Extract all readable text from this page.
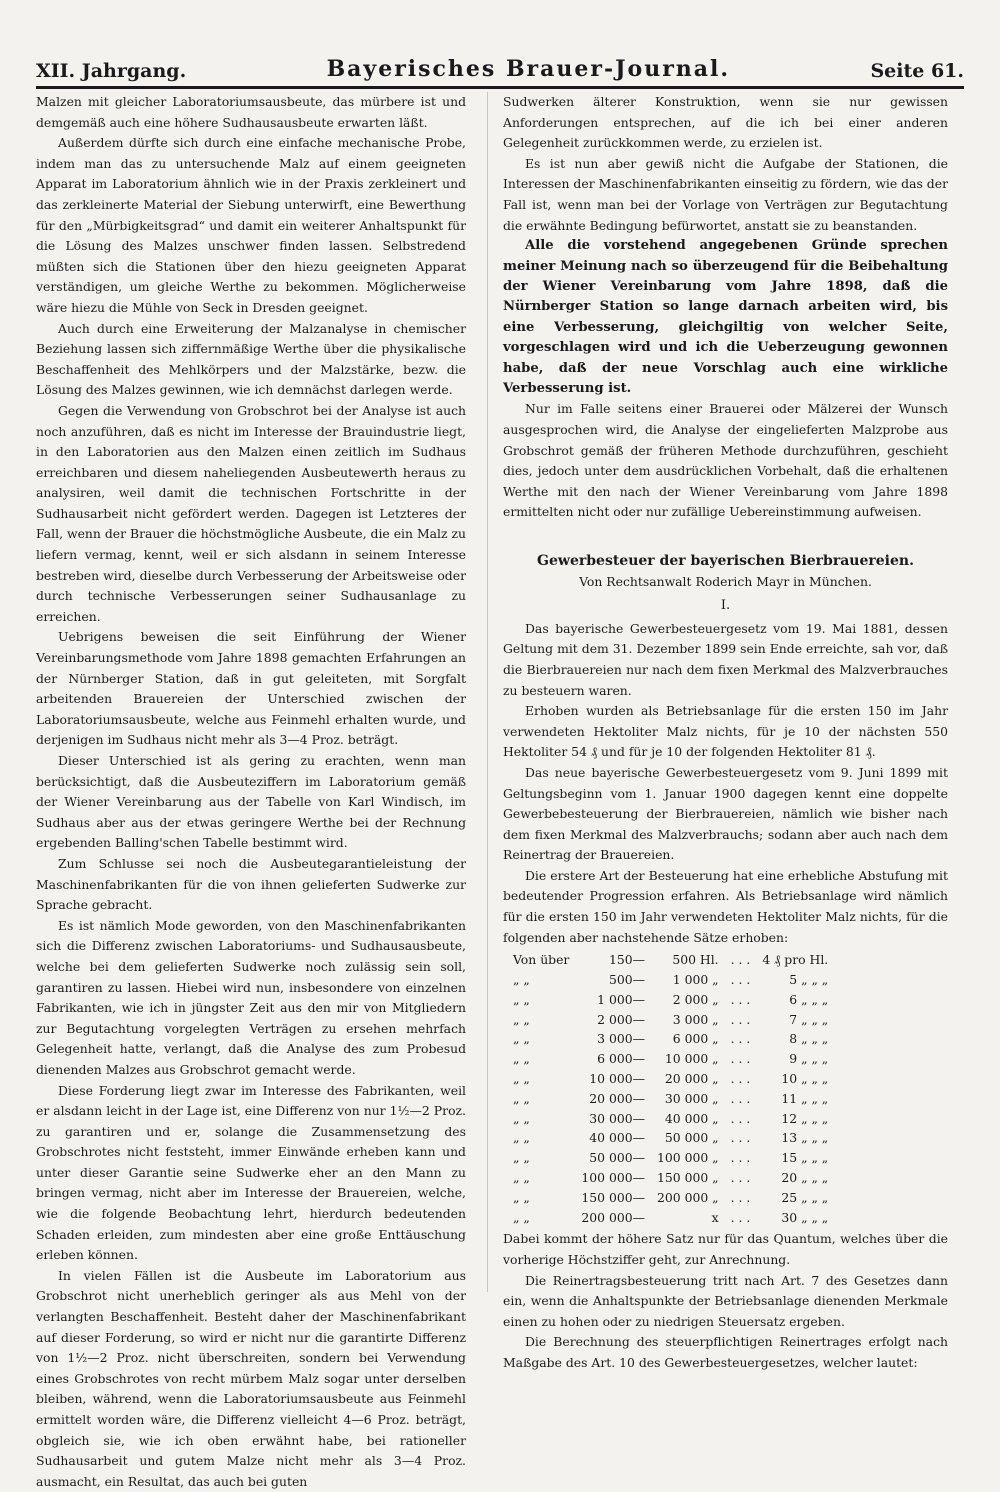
XII. Jahrgang.	Bayerisches Brauer-Journal.	Seite 61.

Malzen mit gleicher Laboratoriumsausbeute, das mürbere ist und demgemäß auch eine höhere Sudhausausbeute erwarten läßt.

Außerdem dürfte sich durch eine einfache mechanische Probe, indem man das zu untersuchende Malz auf einem geeigneten Apparat im Laboratorium ähnlich wie in der Praxis zerkleinert und das zerkleinerte Material der Siebung unterwirft, eine Bewerthung für den „Mürbigkeitsgrad“ und damit ein weiterer Anhaltspunkt für die Lösung des Malzes unschwer finden lassen. Selbstredend müßten sich die Stationen über den hiezu geeigneten Apparat verständigen, um gleiche Werthe zu bekommen. Möglicherweise wäre hiezu die Mühle von Seck in Dresden geeignet.

Auch durch eine Erweiterung der Malzanalyse in chemischer Beziehung lassen sich ziffernmäßige Werthe über die physikalische Beschaffenheit des Mehlkörpers und der Malzstärke, bezw. die Lösung des Malzes gewinnen, wie ich demnächst darlegen werde.

Gegen die Verwendung von Grobschrot bei der Analyse ist auch noch anzuführen, daß es nicht im Interesse der Brauindustrie liegt, in den Laboratorien aus den Malzen einen zeitlich im Sudhaus erreichbaren und diesem naheliegenden Ausbeutewerth heraus zu analysiren, weil damit die technischen Fortschritte in der Sudhausarbeit nicht gefördert werden. Dagegen ist Letzteres der Fall, wenn der Brauer die höchstmögliche Ausbeute, die ein Malz zu liefern vermag, kennt, weil er sich alsdann in seinem Interesse bestreben wird, dieselbe durch Verbesserung der Arbeitsweise oder durch technische Verbesserungen seiner Sudhausanlage zu erreichen.

Uebrigens beweisen die seit Einführung der Wiener Vereinbarungsmethode vom Jahre 1898 gemachten Erfahrungen an der Nürnberger Station, daß in gut geleiteten, mit Sorgfalt arbeitenden Brauereien der Unterschied zwischen der Laboratoriumsausbeute, welche aus Feinmehl erhalten wurde, und derjenigen im Sudhaus nicht mehr als 3—4 Proz. beträgt.

Dieser Unterschied ist als gering zu erachten, wenn man berücksichtigt, daß die Ausbeuteziffern im Laboratorium gemäß der Wiener Vereinbarung aus der Tabelle von Karl Windisch, im Sudhaus aber aus der etwas geringere Werthe bei der Rechnung ergebenden Balling'schen Tabelle bestimmt wird.

Zum Schlusse sei noch die Ausbeutegarantieleistung der Maschinenfabrikanten für die von ihnen gelieferten Sudwerke zur Sprache gebracht.

Es ist nämlich Mode geworden, von den Maschinenfabrikanten sich die Differenz zwischen Laboratoriums- und Sudhausausbeute, welche bei dem gelieferten Sudwerke noch zulässig sein soll, garantiren zu lassen. Hiebei wird nun, insbesondere von einzelnen Fabrikanten, wie ich in jüngster Zeit aus den mir von Mitgliedern zur Begutachtung vorgelegten Verträgen zu ersehen mehrfach Gelegenheit hatte, verlangt, daß die Analyse des zum Probesud dienenden Malzes aus Grobschrot gemacht werde.

Diese Forderung liegt zwar im Interesse des Fabrikanten, weil er alsdann leicht in der Lage ist, eine Differenz von nur 1½—2 Proz. zu garantiren und er, solange die Zusammensetzung des Grobschrotes nicht feststeht, immer Einwände erheben kann und unter dieser Garantie seine Sudwerke eher an den Mann zu bringen vermag, nicht aber im Interesse der Brauereien, welche, wie die folgende Beobachtung lehrt, hierdurch bedeutenden Schaden erleiden, zum mindesten aber eine große Enttäuschung erleben können.

In vielen Fällen ist die Ausbeute im Laboratorium aus Grobschrot nicht unerheblich geringer als aus Mehl von der verlangten Beschaffenheit. Besteht daher der Maschinenfabrikant auf dieser Forderung, so wird er nicht nur die garantirte Differenz von 1½—2 Proz. nicht überschreiten, sondern bei Verwendung eines Grobschrotes von recht mürbem Malz sogar unter derselben bleiben, während, wenn die Laboratoriumsausbeute aus Feinmehl ermittelt worden wäre, die Differenz vielleicht 4—6 Proz. beträgt, obgleich sie, wie ich oben erwähnt habe, bei rationeller Sudhausarbeit und gutem Malze nicht mehr als 3—4 Proz. ausmacht, ein Resultat, das auch bei guten

Sudwerken älterer Konstruktion, wenn sie nur gewissen Anforderungen entsprechen, auf die ich bei einer anderen Gelegenheit zurückkommen werde, zu erzielen ist.

Es ist nun aber gewiß nicht die Aufgabe der Stationen, die Interessen der Maschinenfabrikanten einseitig zu fördern, wie das der Fall ist, wenn man bei der Vorlage von Verträgen zur Begutachtung die erwähnte Bedingung befürwortet, anstatt sie zu beanstanden.

Alle die vorstehend angegebenen Gründe sprechen meiner Meinung nach so überzeugend für die Beibehaltung der Wiener Vereinbarung vom Jahre 1898, daß die Nürnberger Station so lange darnach arbeiten wird, bis eine Verbesserung, gleichgiltig von welcher Seite, vorgeschlagen wird und ich die Ueberzeugung gewonnen habe, daß der neue Vorschlag auch eine wirkliche Verbesserung ist.

Nur im Falle seitens einer Brauerei oder Mälzerei der Wunsch ausgesprochen wird, die Analyse der eingelieferten Malzprobe aus Grobschrot gemäß der früheren Methode durchzuführen, geschieht dies, jedoch unter dem ausdrücklichen Vorbehalt, daß die erhaltenen Werthe mit den nach der Wiener Vereinbarung vom Jahre 1898 ermittelten nicht oder nur zufällige Uebereinstimmung aufweisen.

Gewerbesteuer der bayerischen Bierbrauereien.
Von Rechtsanwalt Roderich Mayr in München.
I.

Das bayerische Gewerbesteuergesetz vom 19. Mai 1881, dessen Geltung mit dem 31. Dezember 1899 sein Ende erreichte, sah vor, daß die Bierbrauereien nur nach dem fixen Merkmal des Malzverbrauches zu besteuern waren.

Erhoben wurden als Betriebsanlage für die ersten 150 im Jahr verwendeten Hektoliter Malz nichts, für je 10 der nächsten 550 Hektoliter 54 ₰ und für je 10 der folgenden Hektoliter 81 ₰.

Das neue bayerische Gewerbesteuergesetz vom 9. Juni 1899 mit Geltungsbeginn vom 1. Januar 1900 dagegen kennt eine doppelte Gewerbebesteuerung der Bierbrauereien, nämlich wie bisher nach dem fixen Merkmal des Malzverbrauchs; sodann aber auch nach dem Reinertrag der Brauereien.

Die erstere Art der Besteuerung hat eine erhebliche Abstufung mit bedeutender Progression erfahren. Als Betriebsanlage wird nämlich für die ersten 150 im Jahr verwendeten Hektoliter Malz nichts, für die folgenden aber nachstehende Sätze erhoben:

Von über	150—	500 Hl.	. . .	4 ₰ pro Hl.
„ „	500—	1 000 „	. . .	5 „ „ „
„ „	1 000—	2 000 „	. . .	6 „ „ „
„ „	2 000—	3 000 „	. . .	7 „ „ „
„ „	3 000—	6 000 „	. . .	8 „ „ „
„ „	6 000—	10 000 „	. . .	9 „ „ „
„ „	10 000—	20 000 „	. . .	10 „ „ „
„ „	20 000—	30 000 „	. . .	11 „ „ „
„ „	30 000—	40 000 „	. . .	12 „ „ „
„ „	40 000—	50 000 „	. . .	13 „ „ „
„ „	50 000—	100 000 „	. . .	15 „ „ „
„ „	100 000—	150 000 „	. . .	20 „ „ „
„ „	150 000—	200 000 „	. . .	25 „ „ „
„ „	200 000—	x	. . .	30 „ „ „

Dabei kommt der höhere Satz nur für das Quantum, welches über die vorherige Höchstziffer geht, zur Anrechnung.

Die Reinertragsbesteuerung tritt nach Art. 7 des Gesetzes dann ein, wenn die Anhaltspunkte der Betriebsanlage dienenden Merkmale einen zu hohen oder zu niedrigen Steuersatz ergeben.

Die Berechnung des steuerpflichtigen Reinertrages erfolgt nach Maßgabe des Art. 10 des Gewerbesteuergesetzes, welcher lautet:
